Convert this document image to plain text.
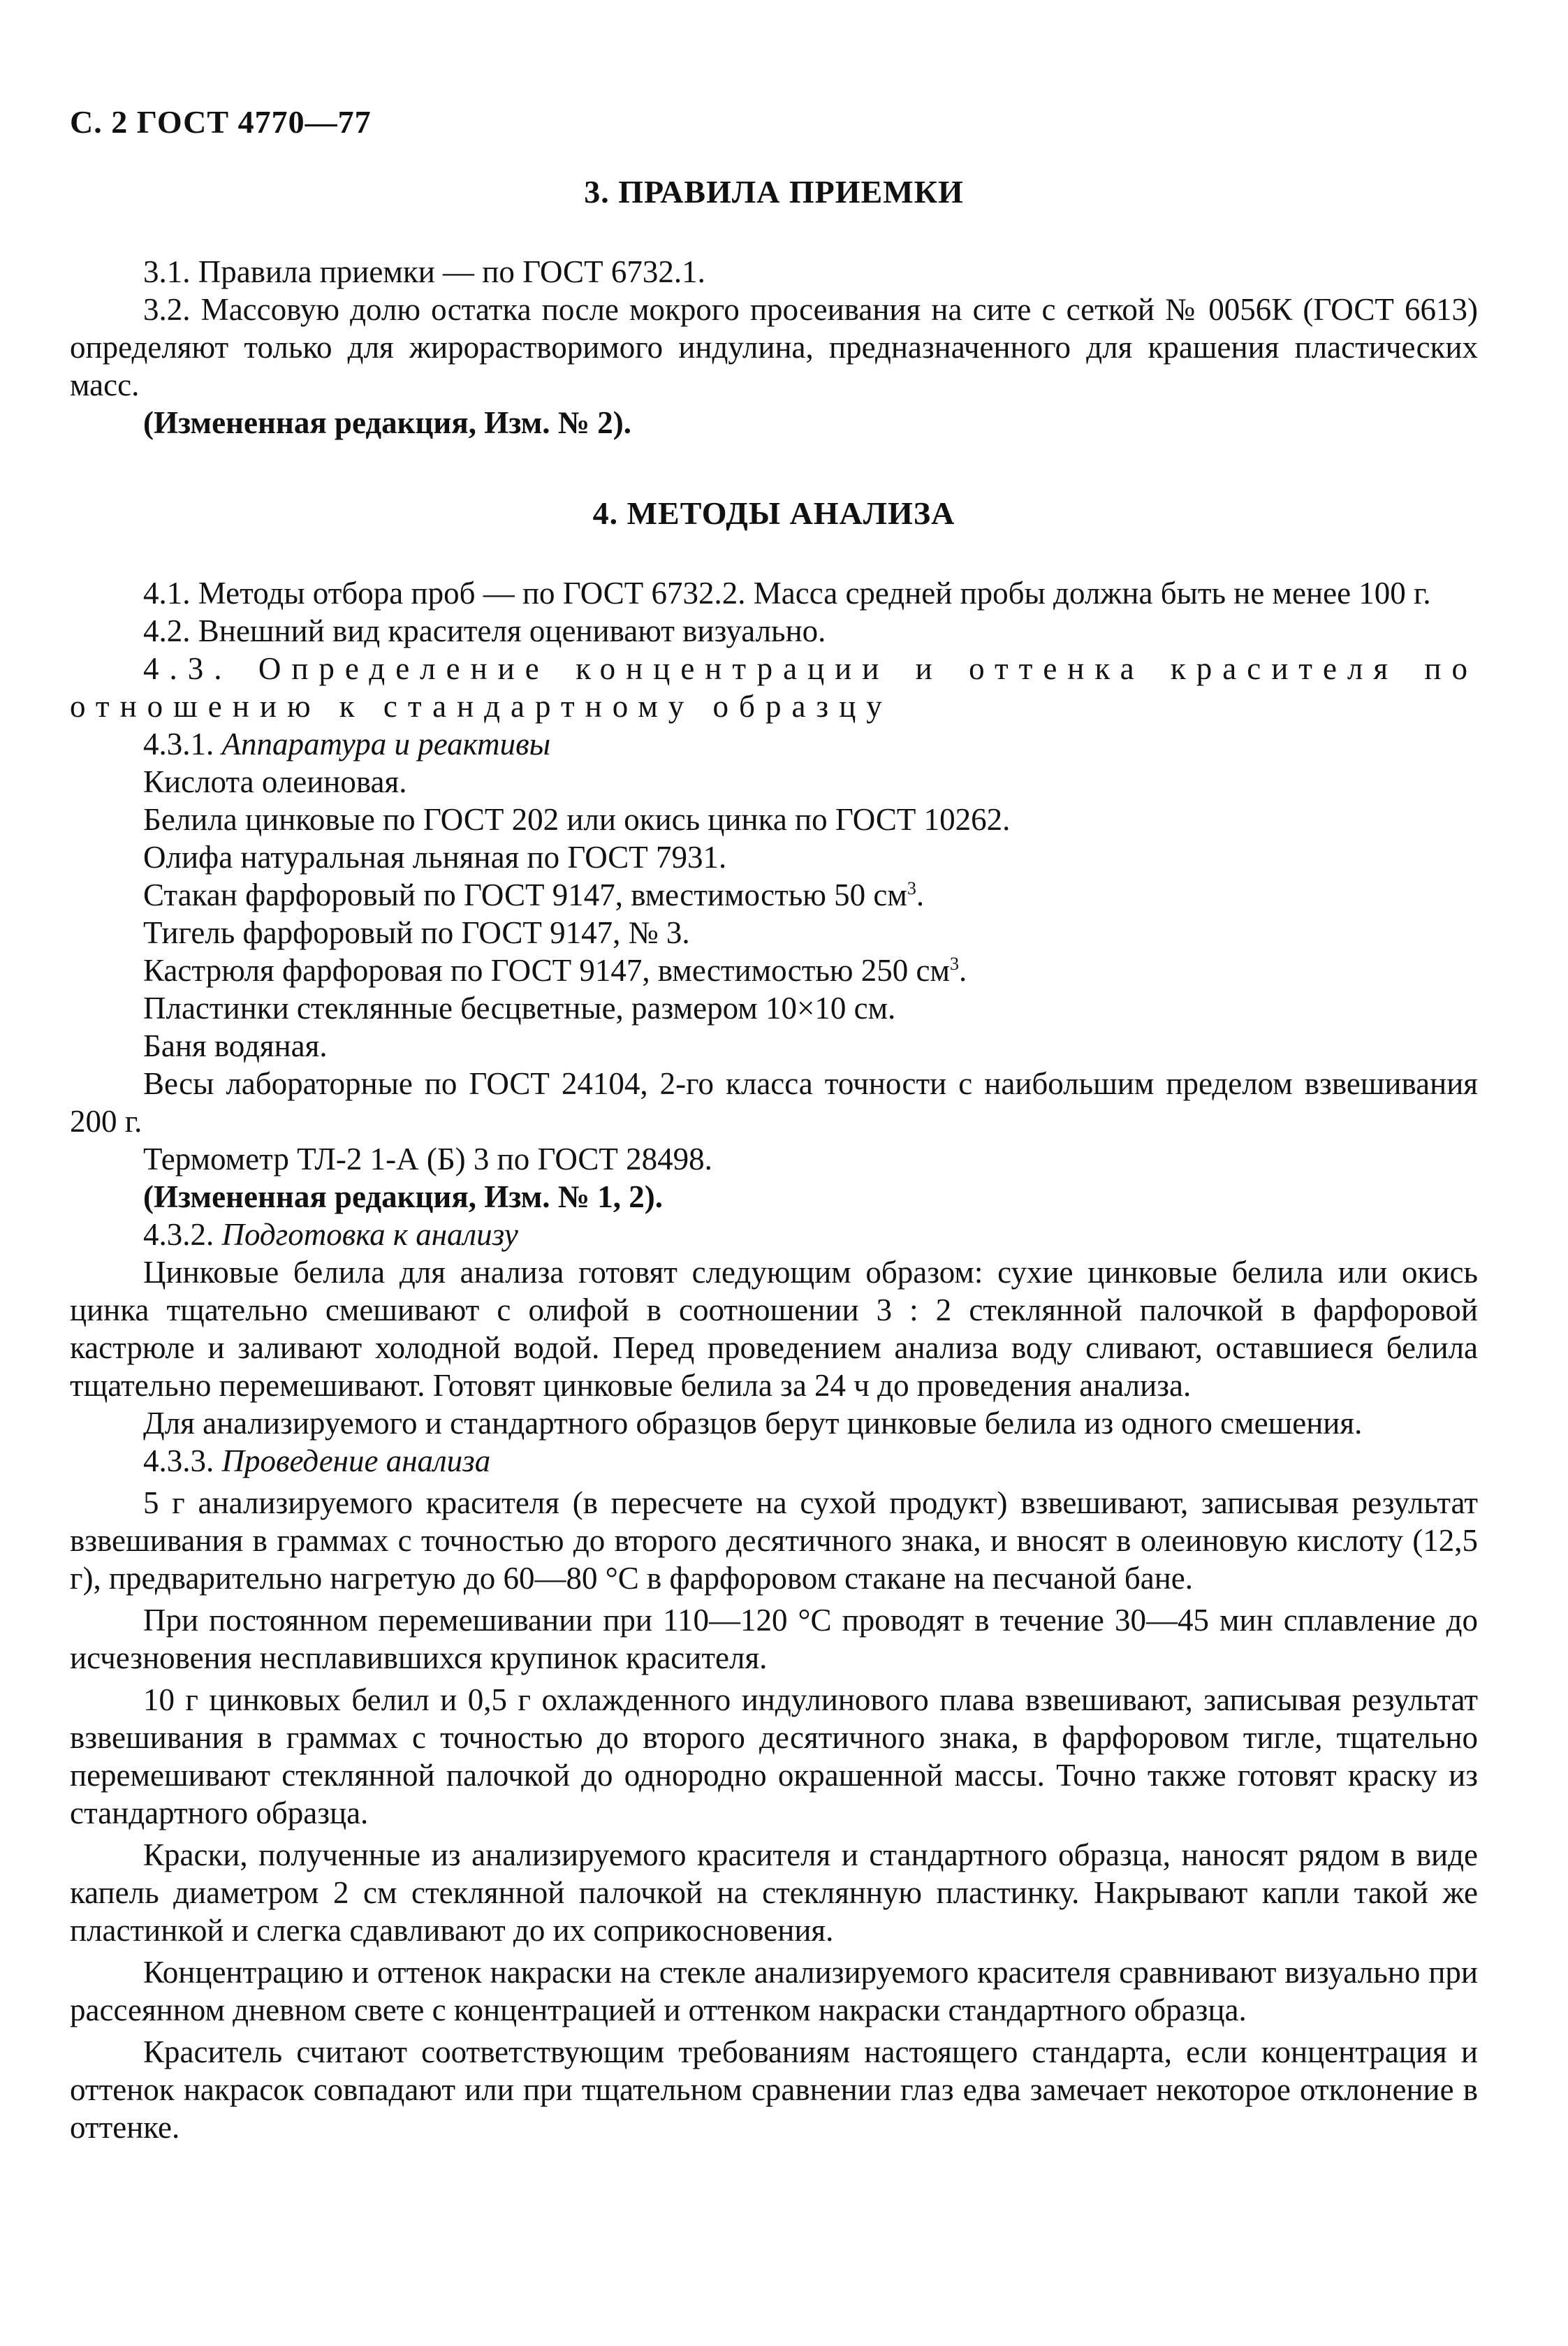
С. 2 ГОСТ 4770—77
3. ПРАВИЛА ПРИЕМКИ

3.1. Правила приемки — по ГОСТ 6732.1.

3.2. Массовую долю остатка после мокрого просеивания на сите с сеткой № 0056К (ГОСТ 6613) определяют только для жирорастворимого индулина, предназначенного для крашения пластических масс.

(Измененная редакция, Изм. № 2).

4. МЕТОДЫ АНАЛИЗА

4.1. Методы отбора проб — по ГОСТ 6732.2. Масса средней пробы должна быть не менее 100 г.

4.2. Внешний вид красителя оценивают визуально.

4.3. Определение концентрации и оттенка красителя по отношению к стандартному образцу

4.3.1. Аппаратура и реактивы

Кислота олеиновая.

Белила цинковые по ГОСТ 202 или окись цинка по ГОСТ 10262.

Олифа натуральная льняная по ГОСТ 7931.

Стакан фарфоровый по ГОСТ 9147, вместимостью 50 $см^3$.

Тигель фарфоровый по ГОСТ 9147, № 3.

Кастрюля фарфоровая по ГОСТ 9147, вместимостью 250 $см^3$.

Пластинки стеклянные бесцветные, размером 10×10 см.

Баня водяная.

Весы лабораторные по ГОСТ 24104, 2-го класса точности с наибольшим пределом взвешивания 200 г.

Термометр ТЛ-2 1-А (Б) 3 по ГОСТ 28498.

(Измененная редакция, Изм. № 1, 2).

4.3.2. Подготовка к анализу

Цинковые белила для анализа готовят следующим образом: сухие цинковые белила или окись цинка тщательно смешивают с олифой в соотношении 3 : 2 стеклянной палочкой в фарфоровой кастрюле и заливают холодной водой. Перед проведением анализа воду сливают, оставшиеся белила тщательно перемешивают. Готовят цинковые белила за 24 ч до проведения анализа.

Для анализируемого и стандартного образцов берут цинковые белила из одного смешения.

4.3.3. Проведение анализа

5 г анализируемого красителя (в пересчете на сухой продукт) взвешивают, записывая результат взвешивания в граммах с точностью до второго десятичного знака, и вносят в олеиновую кислоту (12,5 г), предварительно нагретую до 60—80 °С в фарфоровом стакане на песчаной бане.

При постоянном перемешивании при 110—120 °С проводят в течение 30—45 мин сплавление до исчезновения несплавившихся крупинок красителя.

10 г цинковых белил и 0,5 г охлажденного индулинового плава взвешивают, записывая результат взвешивания в граммах с точностью до второго десятичного знака, в фарфоровом тигле, тщательно перемешивают стеклянной палочкой до однородно окрашенной массы. Точно также готовят краску из стандартного образца.

Краски, полученные из анализируемого красителя и стандартного образца, наносят рядом в виде капель диаметром 2 см стеклянной палочкой на стеклянную пластинку. Накрывают капли такой же пластинкой и слегка сдавливают до их соприкосновения.

Концентрацию и оттенок накраски на стекле анализируемого красителя сравнивают визуально при рассеянном дневном свете с концентрацией и оттенком накраски стандартного образца.

Краситель считают соответствующим требованиям настоящего стандарта, если концентрация и оттенок накрасок совпадают или при тщательном сравнении глаз едва замечает некоторое отклонение в оттенке.
